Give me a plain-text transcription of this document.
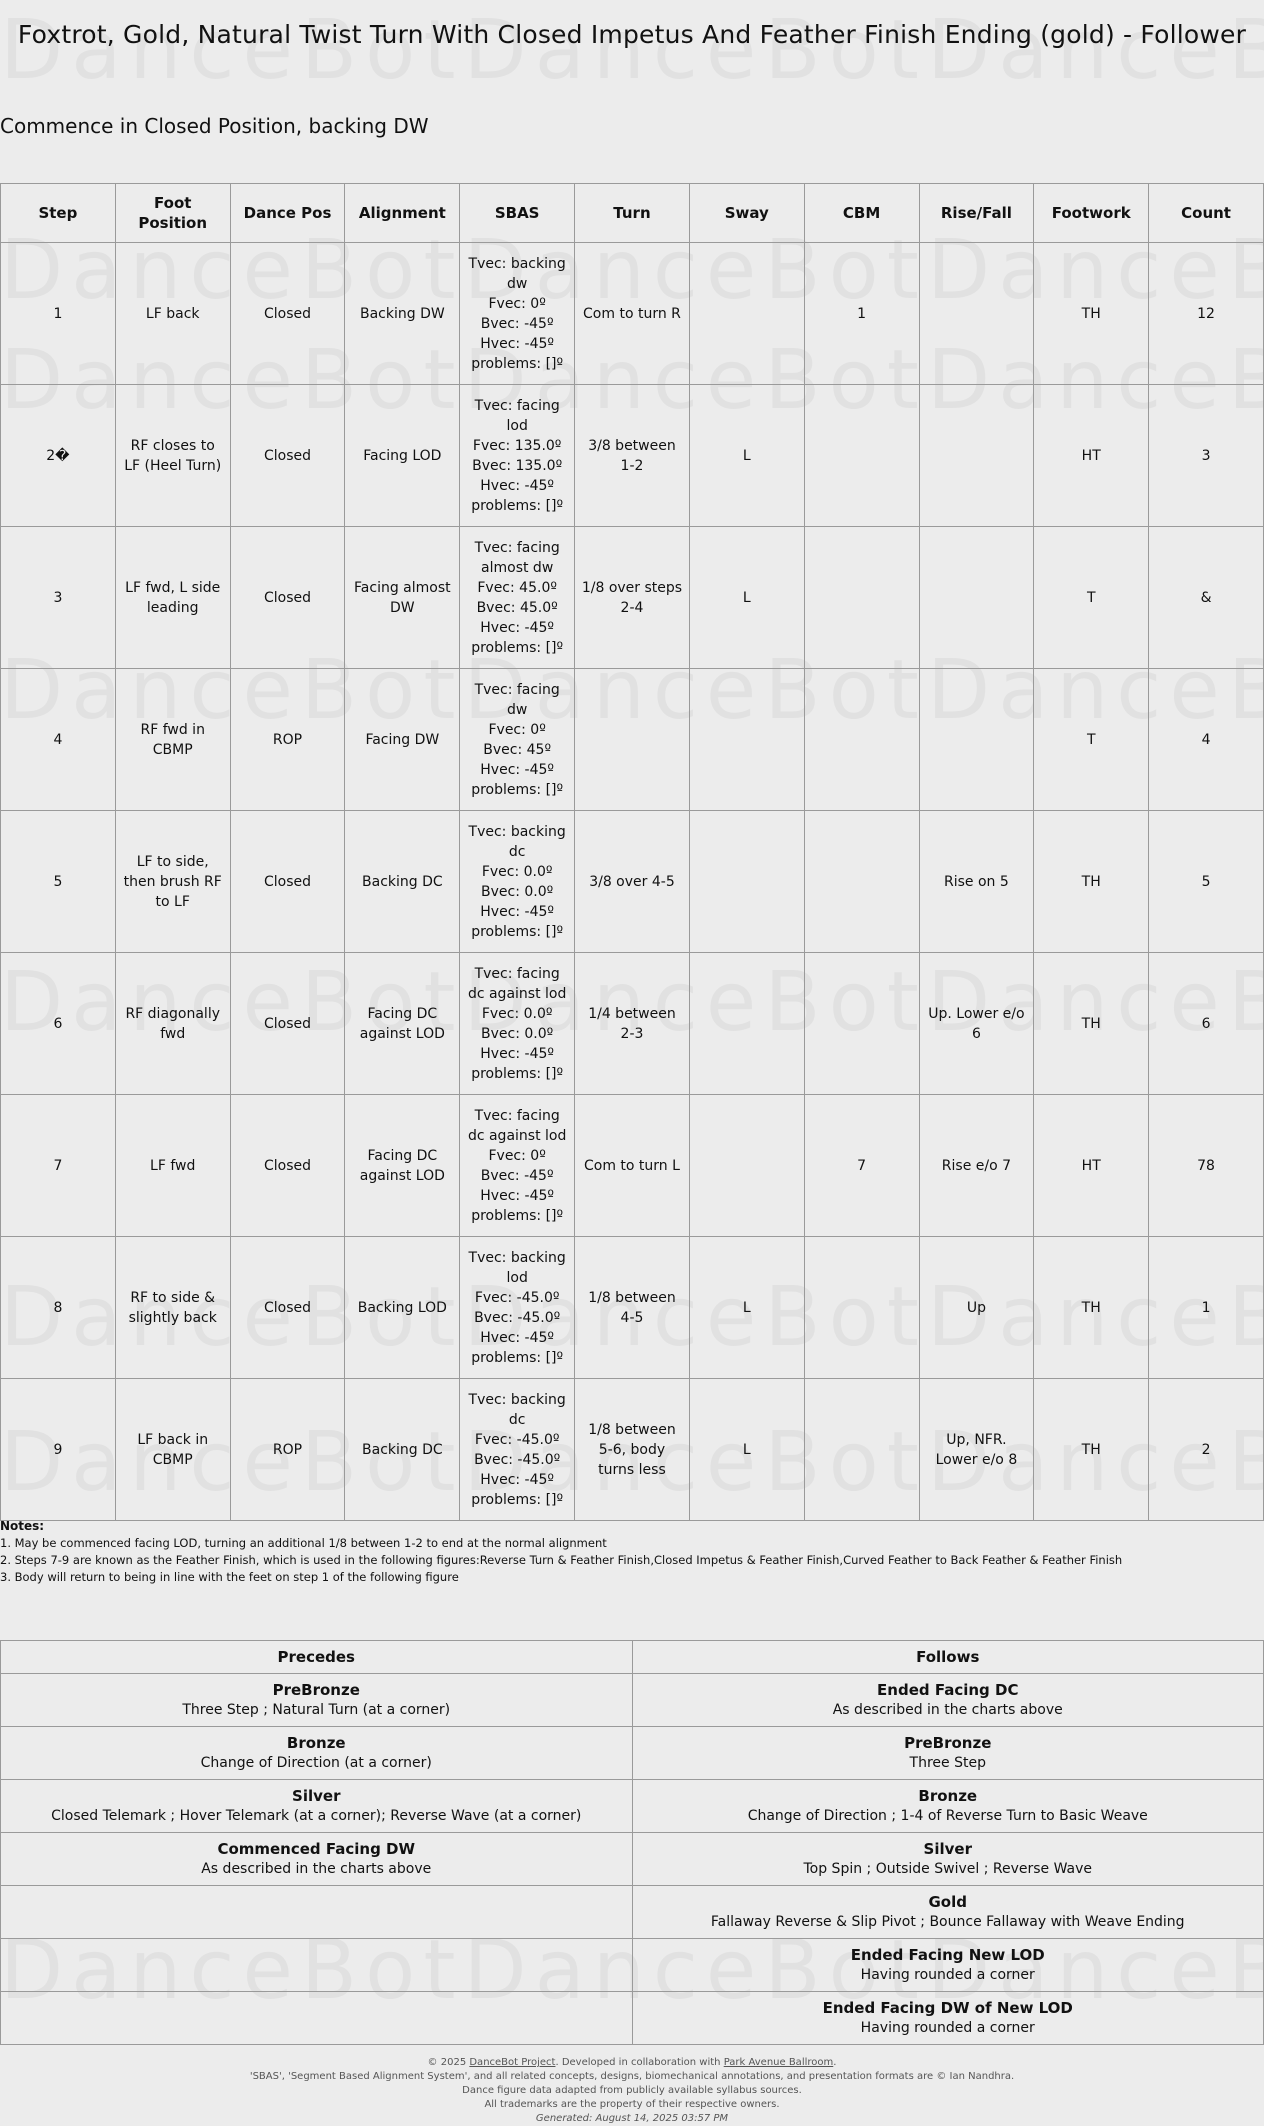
Foxtrot, Gold, Natural Twist Turn With Closed Impetus And Feather Finish Ending (gold) - Follower
Commence in Closed Position, backing DW
Step	Foot Position	Dance Pos	Alignment	SBAS	Turn	Sway	CBM	Rise/Fall	Footwork	Count
1	LF back	Closed	Backing DW	Tvec: backing dw
Fvec: 0º
Bvec: -45º
Hvec: -45º
problems: []º	Com to turn R		1		TH	12
2�	RF closes to LF (Heel Turn)	Closed	Facing LOD	Tvec: facing lod
Fvec: 135.0º
Bvec: 135.0º
Hvec: -45º
problems: []º	3/8 between 1-2	L			HT	3
3	LF fwd, L side leading	Closed	Facing almost DW	Tvec: facing almost dw
Fvec: 45.0º
Bvec: 45.0º
Hvec: -45º
problems: []º	1/8 over steps 2-4	L			T	&
4	RF fwd in CBMP	ROP	Facing DW	Tvec: facing dw
Fvec: 0º
Bvec: 45º
Hvec: -45º
problems: []º					T	4
5	LF to side, then brush RF to LF	Closed	Backing DC	Tvec: backing dc
Fvec: 0.0º
Bvec: 0.0º
Hvec: -45º
problems: []º	3/8 over 4-5			Rise on 5	TH	5
6	RF diagonally fwd	Closed	Facing DC against LOD	Tvec: facing dc against lod
Fvec: 0.0º
Bvec: 0.0º
Hvec: -45º
problems: []º	1/4 between 2-3			Up. Lower e/o 6	TH	6
7	LF fwd	Closed	Facing DC against LOD	Tvec: facing dc against lod
Fvec: 0º
Bvec: -45º
Hvec: -45º
problems: []º	Com to turn L		7	Rise e/o 7	HT	78
8	RF to side & slightly back	Closed	Backing LOD	Tvec: backing lod
Fvec: -45.0º
Bvec: -45.0º
Hvec: -45º
problems: []º	1/8 between 4-5	L		Up	TH	1
9	LF back in CBMP	ROP	Backing DC	Tvec: backing dc
Fvec: -45.0º
Bvec: -45.0º
Hvec: -45º
problems: []º	1/8 between 5-6, body turns less	L		Up, NFR. Lower e/o 8	TH	2
Notes:
1. May be commenced facing LOD, turning an additional 1/8 between 1-2 to end at the normal alignment
2. Steps 7-9 are known as the Feather Finish, which is used in the following figures:Reverse Turn & Feather Finish,Closed Impetus & Feather Finish,Curved Feather to Back Feather & Feather Finish
3. Body will return to being in line with the feet on step 1 of the following figure
Precedes	Follows

PreBronze
Three Step ; Natural Turn (at a corner)	Ended Facing DC
As described in the charts above

Bronze
Change of Direction (at a corner)	PreBronze
Three Step

Silver
Closed Telemark ; Hover Telemark (at a corner); Reverse Wave (at a corner)	Bronze
Change of Direction ; 1-4 of Reverse Turn to Basic Weave

Commenced Facing DW
As described in the charts above	Silver
Top Spin ; Outside Swivel ; Reverse Wave

	Gold
Fallaway Reverse & Slip Pivot ; Bounce Fallaway with Weave Ending

	Ended Facing New LOD
Having rounded a corner

	Ended Facing DW of New LOD
Having rounded a corner
© 2025 DanceBot Project. Developed in collaboration with Park Avenue Ballroom.
'SBAS', 'Segment Based Alignment System', and all related concepts, designs, biomechanical annotations, and presentation formats are © Ian Nandhra.
Dance figure data adapted from publicly available syllabus sources.
All trademarks are the property of their respective owners.
Generated: August 14, 2025 03:57 PM
